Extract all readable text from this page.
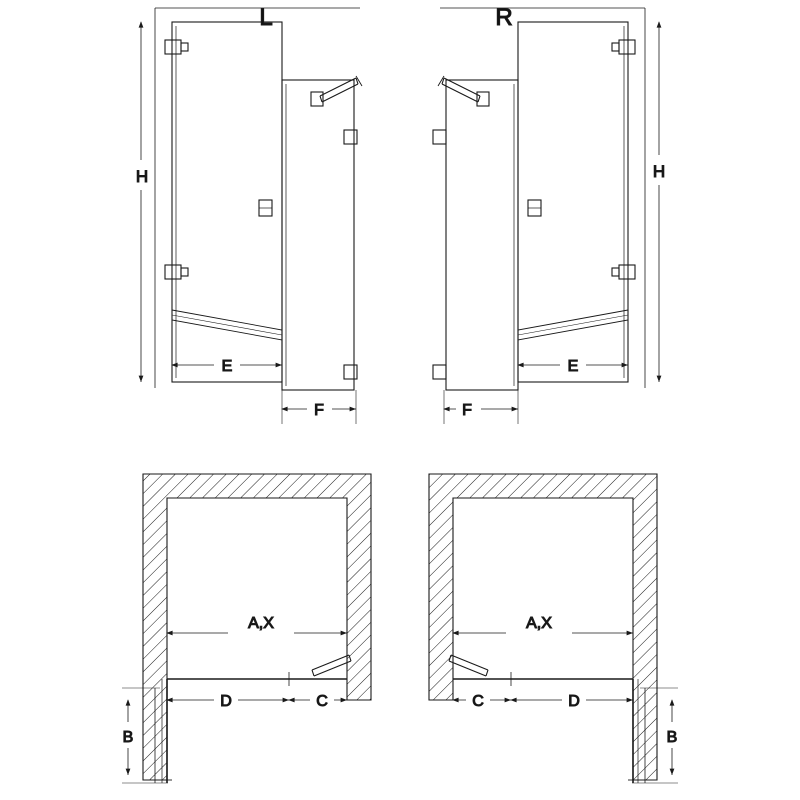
H
E
F
L
H
E
F
R
A,X
D	C
B
A,X
D
C
B
